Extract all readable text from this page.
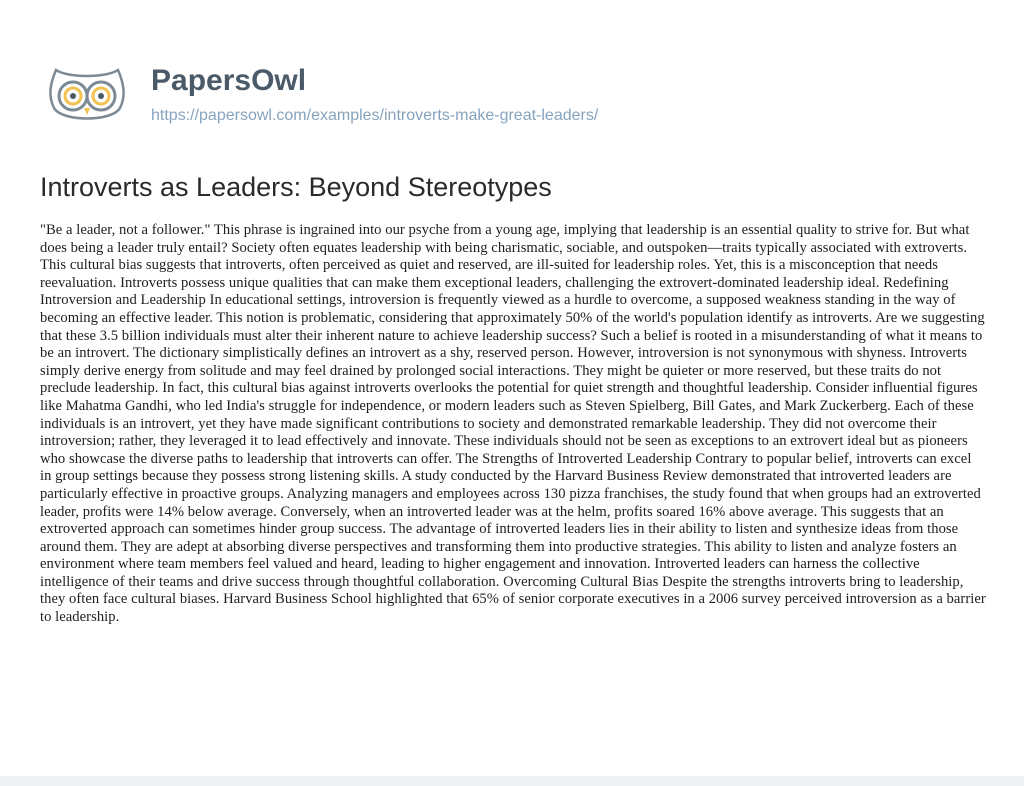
PapersOwl

https://papersowl.com/examples/introverts-make-great-leaders/
Introverts as Leaders: Beyond Stereotypes

"Be a leader, not a follower." This phrase is ingrained into our psyche from a young age, implying that leadership is an essential quality to strive for. But what does being a leader truly entail? Society often equates leadership with being charismatic, sociable, and outspoken—traits typically associated with extroverts. This cultural bias suggests that introverts, often perceived as quiet and reserved, are ill-suited for leadership roles. Yet, this is a misconception that needs reevaluation. Introverts possess unique qualities that can make them exceptional leaders, challenging the extrovert-dominated leadership ideal. Redefining Introversion and Leadership In educational settings, introversion is frequently viewed as a hurdle to overcome, a supposed weakness standing in the way of becoming an effective leader. This notion is problematic, considering that approximately 50% of the world's population identify as introverts. Are we suggesting that these 3.5 billion individuals must alter their inherent nature to achieve leadership success? Such a belief is rooted in a misunderstanding of what it means to be an introvert. The dictionary simplistically defines an introvert as a shy, reserved person. However, introversion is not synonymous with shyness. Introverts simply derive energy from solitude and may feel drained by prolonged social interactions. They might be quieter or more reserved, but these traits do not preclude leadership. In fact, this cultural bias against introverts overlooks the potential for quiet strength and thoughtful leadership. Consider influential figures like Mahatma Gandhi, who led India's struggle for independence, or modern leaders such as Steven Spielberg, Bill Gates, and Mark Zuckerberg. Each of these individuals is an introvert, yet they have made significant contributions to society and demonstrated remarkable leadership. They did not overcome their introversion; rather, they leveraged it to lead effectively and innovate. These individuals should not be seen as exceptions to an extrovert ideal but as pioneers who showcase the diverse paths to leadership that introverts can offer. The Strengths of Introverted Leadership Contrary to popular belief, introverts can excel in group settings because they possess strong listening skills. A study conducted by the Harvard Business Review demonstrated that introverted leaders are particularly effective in proactive groups. Analyzing managers and employees across 130 pizza franchises, the study found that when groups had an extroverted leader, profits were 14% below average. Conversely, when an introverted leader was at the helm, profits soared 16% above average. This suggests that an extroverted approach can sometimes hinder group success. The advantage of introverted leaders lies in their ability to listen and synthesize ideas from those around them. They are adept at absorbing diverse perspectives and transforming them into productive strategies. This ability to listen and analyze fosters an environment where team members feel valued and heard, leading to higher engagement and innovation. Introverted leaders can harness the collective intelligence of their teams and drive success through thoughtful collaboration. Overcoming Cultural Bias Despite the strengths introverts bring to leadership, they often face cultural biases. Harvard Business School highlighted that 65% of senior corporate executives in a 2006 survey perceived introversion as a barrier to leadership.
